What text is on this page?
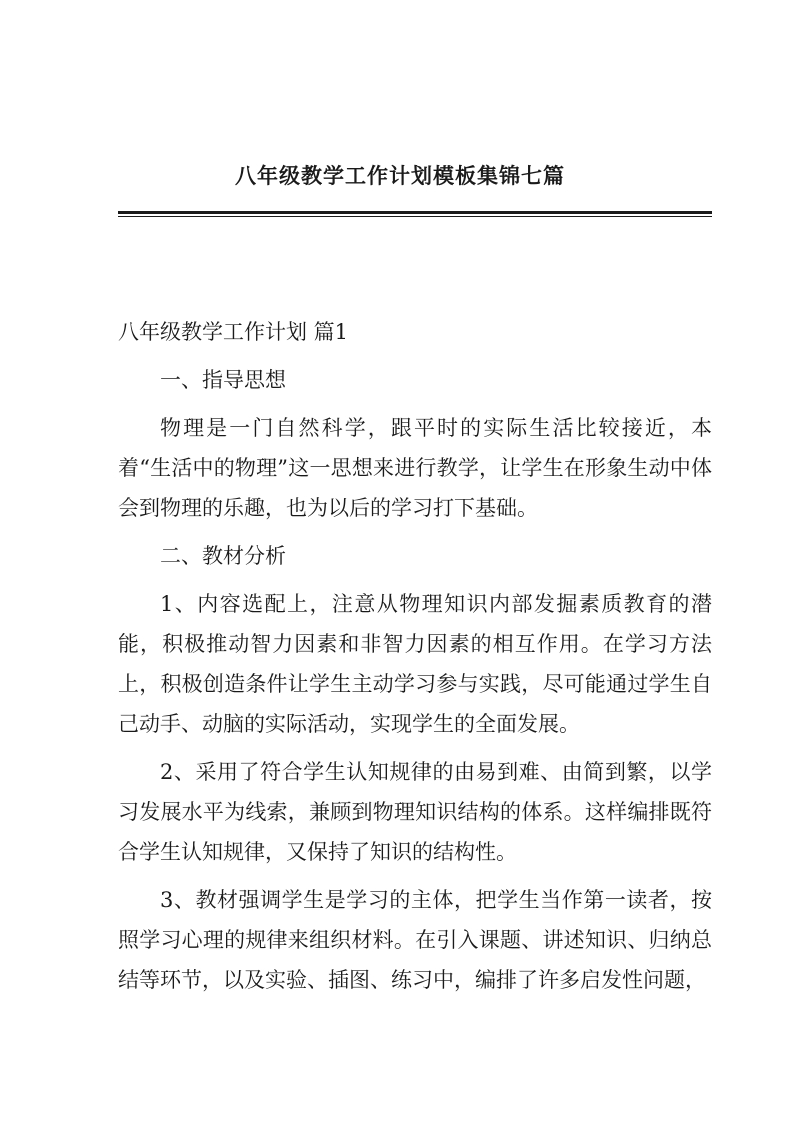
八年级教学工作计划模板集锦七篇

八年级教学工作计划 篇1

一、指导思想

物理是一门自然科学，跟平时的实际生活比较接近，本着“生活中的物理”这一思想来进行教学，让学生在形象生动中体会到物理的乐趣，也为以后的学习打下基础。

二、教材分析

1、内容选配上，注意从物理知识内部发掘素质教育的潜能，积极推动智力因素和非智力因素的相互作用。在学习方法上，积极创造条件让学生主动学习参与实践，尽可能通过学生自己动手、动脑的实际活动，实现学生的全面发展。

2、采用了符合学生认知规律的由易到难、由简到繁，以学习发展水平为线索，兼顾到物理知识结构的体系。这样编排既符合学生认知规律，又保持了知识的结构性。

3、教材强调学生是学习的主体，把学生当作第一读者，按照学习心理的规律来组织材料。在引入课题、讲述知识、归纳总结等环节，以及实验、插图、练习中，编排了许多启发性问题，
